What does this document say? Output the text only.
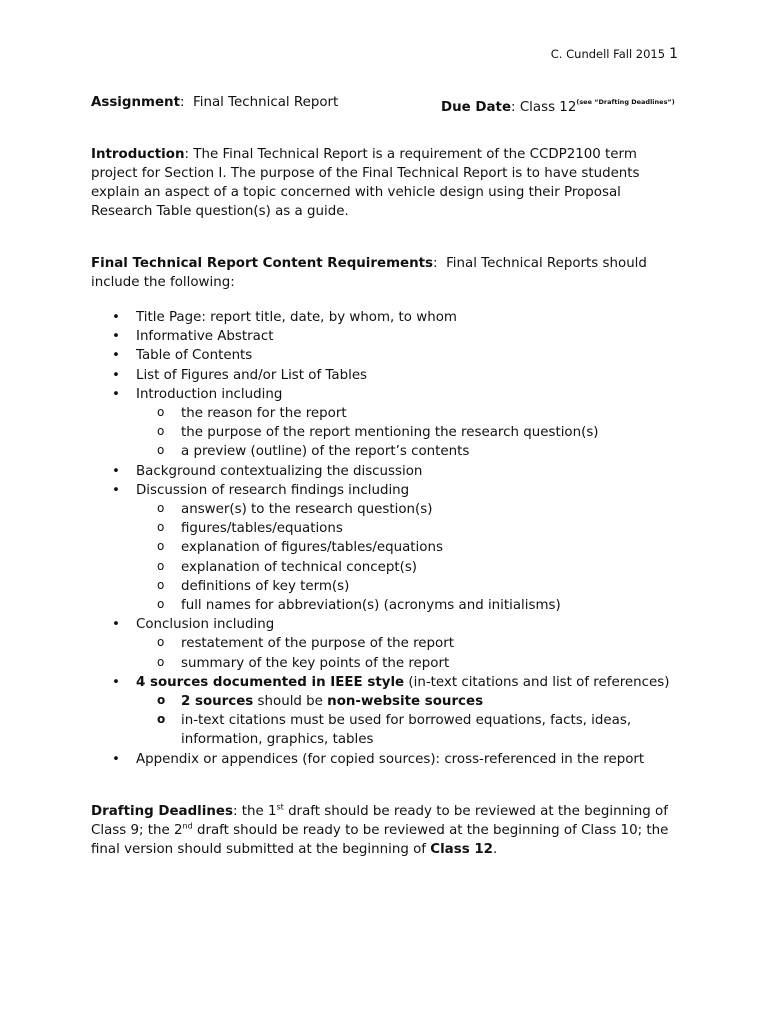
C. Cundell Fall 2015 1
Assignment: Final Technical Report	Due Date: Class 12$^{(see “Drafting Deadlines”)}$
Introduction: The Final Technical Report is a requirement of the CCDP2100 term project for Section I. The purpose of the Final Technical Report is to have students explain an aspect of a topic concerned with vehicle design using their Proposal Research Table question(s) as a guide.
Final Technical Report Content Requirements:  Final Technical Reports should include the following:
• Title Page: report title, date, by whom, to whom
• Informative Abstract
• Table of Contents
• List of Figures and/or List of Tables
• Introduction including
o the reason for the report
o the purpose of the report mentioning the research question(s)
o a preview (outline) of the report’s contents
• Background contextualizing the discussion
• Discussion of research findings including
o answer(s) to the research question(s)
o figures/tables/equations
o explanation of figures/tables/equations
o explanation of technical concept(s)
o definitions of key term(s)
o full names for abbreviation(s) (acronyms and initialisms)
• Conclusion including
o restatement of the purpose of the report
o summary of the key points of the report
• 4 sources documented in IEEE style (in-text citations and list of references)
o 2 sources should be non-website sources
o in-text citations must be used for borrowed equations, facts, ideas, information, graphics, tables
• Appendix or appendices (for copied sources): cross-referenced in the report
Drafting Deadlines: the 1st draft should be ready to be reviewed at the beginning of Class 9; the 2nd draft should be ready to be reviewed at the beginning of Class 10; the final version should submitted at the beginning of Class 12.
